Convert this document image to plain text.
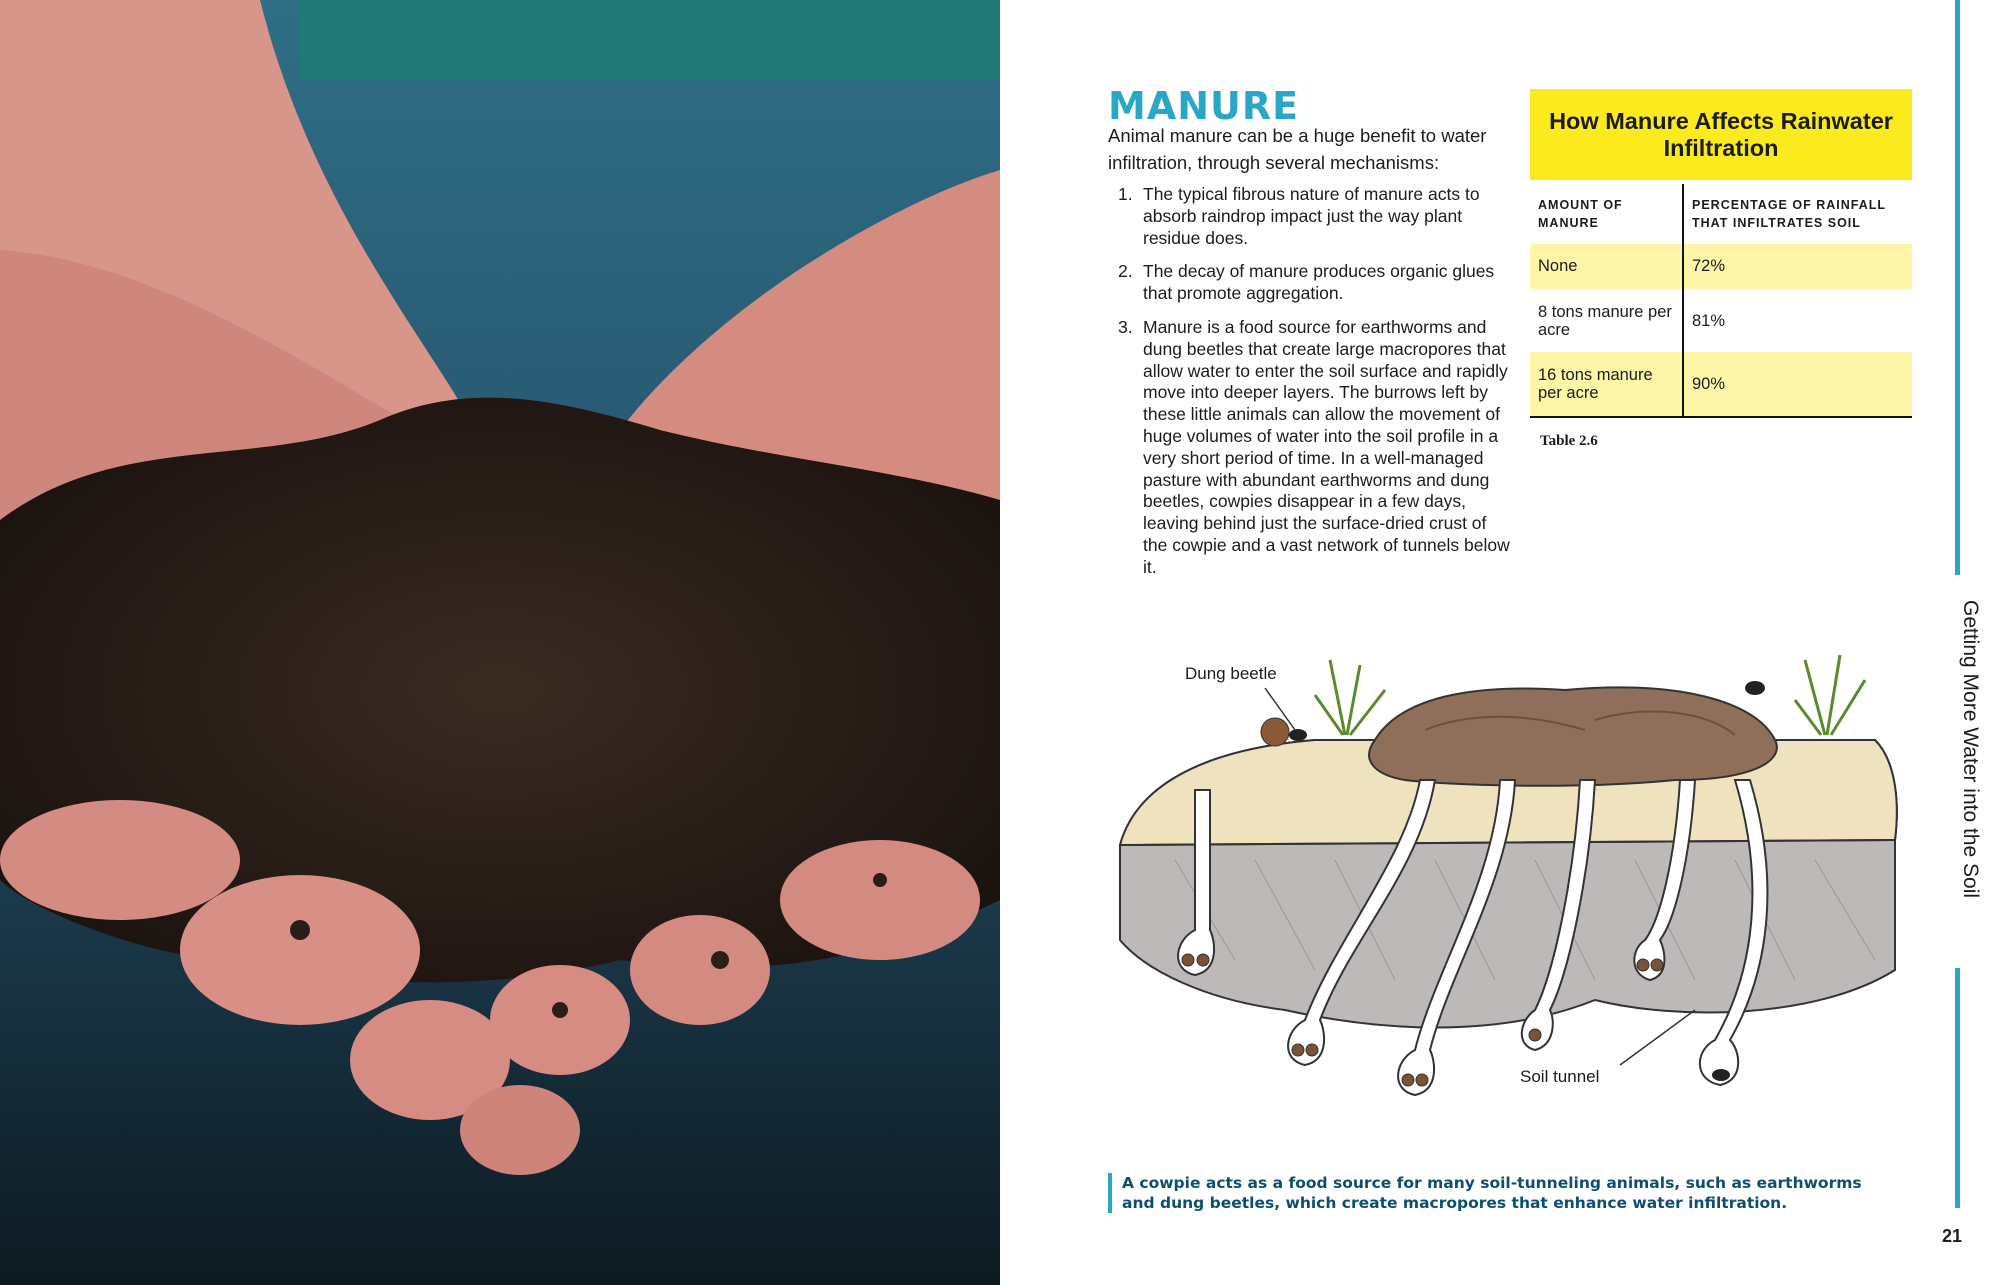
MANURE
Animal manure can be a huge benefit to water infiltration, through several mechanisms:
1. The typical fibrous nature of manure acts to absorb raindrop impact just the way plant residue does.
2. The decay of manure produces organic glues that promote aggregation.
3. Manure is a food source for earthworms and dung beetles that create large macropores that allow water to enter the soil surface and rapidly move into deeper layers. The burrows left by these little animals can allow the movement of huge volumes of water into the soil profile in a very short period of time. In a well-managed pasture with abundant earthworms and dung beetles, cowpies disappear in a few days, leaving behind just the surface-dried crust of the cowpie and a vast network of tunnels below it.
How Manure Affects Rainwater Infiltration
AMOUNT OF MANURE
PERCENTAGE OF RAINFALL THAT INFILTRATES SOIL
None	72%
8 tons manure per acre	81%
16 tons manure per acre	90%
Table 2.6
Dung beetle
Soil tunnel
A cowpie acts as a food source for many soil-tunneling animals, such as earthworms and dung beetles, which create macropores that enhance water infiltration.
Getting More Water into the Soil
21
